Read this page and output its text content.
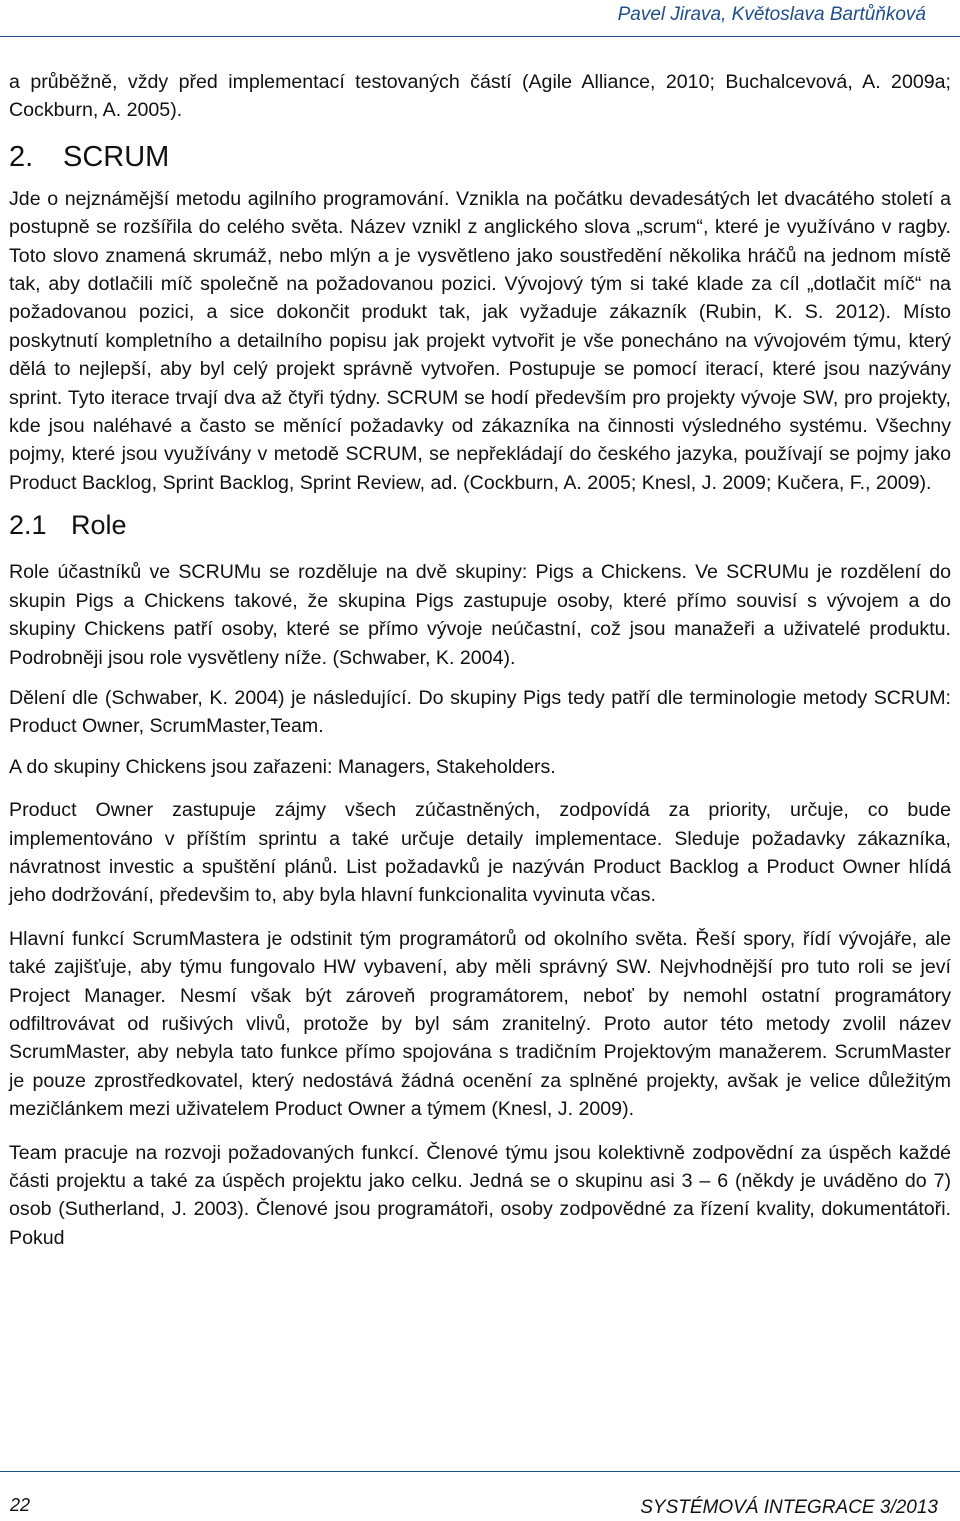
Pavel Jirava, Květoslava Bartůňková

a průběžně, vždy před implementací testovaných částí (Agile Alliance, 2010; Buchalcevová, A. 2009a; Cockburn, A. 2005).

2. SCRUM

Jde o nejznámější metodu agilního programování. Vznikla na počátku devadesátých let dvacátého století a postupně se rozšířila do celého světa. Název vznikl z anglického slova „scrum“, které je využíváno v ragby. Toto slovo znamená skrumáž, nebo mlýn a je vysvětleno jako soustředění několika hráčů na jednom místě tak, aby dotlačili míč společně na požadovanou pozici. Vývojový tým si také klade za cíl „dotlačit míč“ na požadovanou pozici, a sice dokončit produkt tak, jak vyžaduje zákazník (Rubin, K. S. 2012). Místo poskytnutí kompletního a detailního popisu jak projekt vytvořit je vše ponecháno na vývojovém týmu, který dělá to nejlepší, aby byl celý projekt správně vytvořen. Postupuje se pomocí iterací, které jsou nazývány sprint. Tyto iterace trvají dva až čtyři týdny. SCRUM se hodí především pro projekty vývoje SW, pro projekty, kde jsou naléhavé a často se měnící požadavky od zákazníka na činnosti výsledného systému. Všechny pojmy, které jsou využívány v metodě SCRUM, se nepřekládají do českého jazyka, používají se pojmy jako Product Backlog, Sprint Backlog, Sprint Review, ad. (Cockburn, A. 2005; Knesl, J. 2009; Kučera, F., 2009).

2.1 Role

Role účastníků ve SCRUMu se rozděluje na dvě skupiny: Pigs a Chickens. Ve SCRUMu je rozdělení do skupin Pigs a Chickens takové, že skupina Pigs zastupuje osoby, které přímo souvisí s vývojem a do skupiny Chickens patří osoby, které se přímo vývoje neúčastní, což jsou manažeři a uživatelé produktu. Podrobněji jsou role vysvětleny níže. (Schwaber, K. 2004).

Dělení dle (Schwaber, K. 2004) je následující. Do skupiny Pigs tedy patří dle terminologie metody SCRUM: Product Owner, ScrumMaster,Team.

A do skupiny Chickens jsou zařazeni: Managers, Stakeholders.

Product Owner zastupuje zájmy všech zúčastněných, zodpovídá za priority, určuje, co bude implementováno v příštím sprintu a také určuje detaily implementace. Sleduje požadavky zákazníka, návratnost investic a spuštění plánů. List požadavků je nazýván Product Backlog a Product Owner hlídá jeho dodržování, předevšim to, aby byla hlavní funkcionalita vyvinuta včas.

Hlavní funkcí ScrumMastera je odstinit tým programátorů od okolního světa. Řeší spory, řídí vývojáře, ale také zajišťuje, aby týmu fungovalo HW vybavení, aby měli správný SW. Nejvhodnější pro tuto roli se jeví Project Manager. Nesmí však být zároveň programátorem, neboť by nemohl ostatní programátory odfiltrovávat od rušivých vlivů, protože by byl sám zranitelný. Proto autor této metody zvolil název ScrumMaster, aby nebyla tato funkce přímo spojována s tradičním Projektovým manažerem. ScrumMaster je pouze zprostředkovatel, který nedostává žádná ocenění za splněné projekty, avšak je velice důležitým mezičlánkem mezi uživatelem Product Owner a týmem (Knesl, J. 2009).

Team pracuje na rozvoji požadovaných funkcí. Členové týmu jsou kolektivně zodpovědní za úspěch každé části projektu a také za úspěch projektu jako celku. Jedná se o skupinu asi 3 – 6 (někdy je uváděno do 7) osob (Sutherland, J. 2003). Členové jsou programátoři, osoby zodpovědné za řízení kvality, dokumentátoři. Pokud

22	SYSTÉMOVÁ INTEGRACE 3/2013
